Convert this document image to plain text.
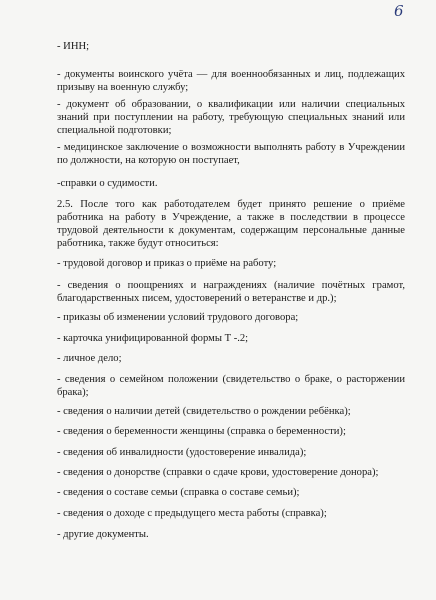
6
- ИНН;
- документы воинского учёта — для военнообязанных и лиц, подлежащих
призыву на военную службу;
- документ об образовании, о квалификации или наличии специальных
знаний при поступлении на работу, требующую специальных знаний или
специальной подготовки;
- медицинское заключение о возможности выполнять работу в Учреждении
по должности, на которую он поступает,
-справки о судимости.
2.5. После того как работодателем будет принято решение о приёме
работника на работу в Учреждение, а также в последствии в процессе
трудовой деятельности к документам, содержащим персональные данные
работника, также будут относиться:
- трудовой договор и приказ о приёме на работу;
- сведения о поощрениях и награждениях (наличие почётных грамот,
благодарственных писем, удостоверений о ветеранстве и др.);
- приказы об изменении условий трудового договора;
- карточка унифицированной формы Т -.2;
- личное дело;
- сведения о семейном положении (свидетельство о браке, о расторжении
брака);
- сведения о наличии детей (свидетельство о рождении ребёнка);
- сведения о беременности женщины (справка о беременности);
- сведения об инвалидности (удостоверение инвалида);
- сведения о донорстве (справки о сдаче крови, удостоверение донора);
- сведения о составе семьи (справка о составе семьи);
- сведения о доходе с предыдущего места работы (справка);
- другие документы.
